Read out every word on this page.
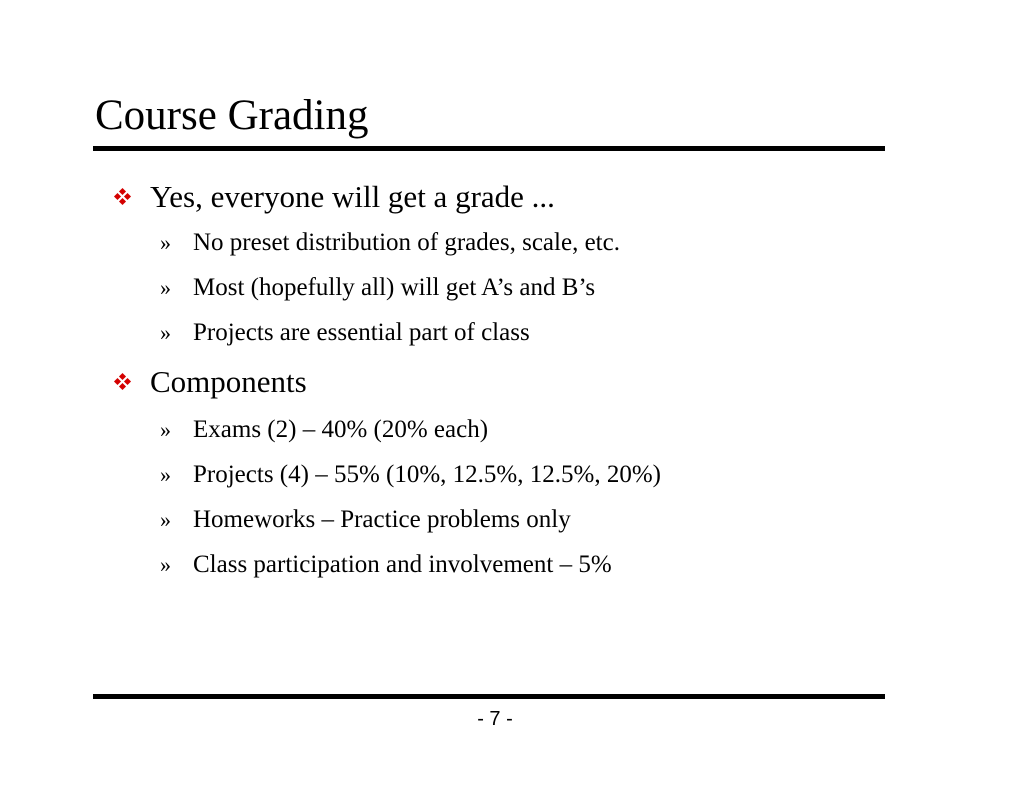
Course Grading
Yes, everyone will get a grade ...
» No preset distribution of grades, scale, etc.
» Most (hopefully all) will get A’s and B’s
» Projects are essential part of class
Components
» Exams (2) – 40% (20% each)
» Projects (4) – 55% (10%, 12.5%, 12.5%, 20%)
» Homeworks – Practice problems only
» Class participation and involvement – 5%
- 7 -
